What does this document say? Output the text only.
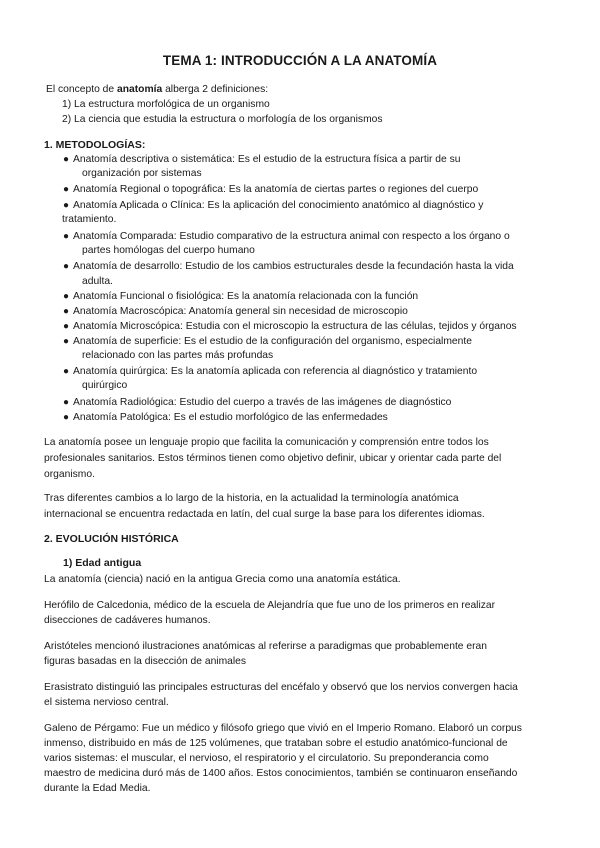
TEMA 1: INTRODUCCIÓN A LA ANATOMÍA
El concepto de anatomía alberga 2 definiciones:
1) La estructura morfológica de un organismo
2) La ciencia que estudia la estructura o morfología de los organismos
1. METODOLOGÍAS:
● Anatomía descriptiva o sistemática: Es el estudio de la estructura física a partir de su
organización por sistemas
● Anatomía Regional o topográfica: Es la anatomía de ciertas partes o regiones del cuerpo
● Anatomía Aplicada o Clínica: Es la aplicación del conocimiento anatómico al diagnóstico y
tratamiento.
● Anatomía Comparada: Estudio comparativo de la estructura animal con respecto a los órgano o
partes homólogas del cuerpo humano
● Anatomía de desarrollo: Estudio de los cambios estructurales desde la fecundación hasta la vida
adulta.
● Anatomía Funcional o fisiológica: Es la anatomía relacionada con la función
● Anatomía Macroscópica: Anatomía general sin necesidad de microscopio
● Anatomía Microscópica: Estudia con el microscopio la estructura de las células, tejidos y órganos
● Anatomía de superficie: Es el estudio de la configuración del organismo, especialmente
relacionado con las partes más profundas
● Anatomía quirúrgica: Es la anatomía aplicada con referencia al diagnóstico y tratamiento
quirúrgico
● Anatomía Radiológica: Estudio del cuerpo a través de las imágenes de diagnóstico
● Anatomía Patológica: Es el estudio morfológico de las enfermedades
La anatomía posee un lenguaje propio que facilita la comunicación y comprensión entre todos los
profesionales sanitarios. Estos términos tienen como objetivo definir, ubicar y orientar cada parte del
organismo.
Tras diferentes cambios a lo largo de la historia, en la actualidad la terminología anatómica
internacional se encuentra redactada en latín, del cual surge la base para los diferentes idiomas.
2. EVOLUCIÓN HISTÓRICA
1) Edad antigua
La anatomía (ciencia) nació en la antigua Grecia como una anatomía estática.
Herófilo de Calcedonia, médico de la escuela de Alejandría que fue uno de los primeros en realizar
disecciones de cadáveres humanos.
Aristóteles mencionó ilustraciones anatómicas al referirse a paradigmas que probablemente eran
figuras basadas en la disección de animales
Erasistrato distinguió las principales estructuras del encéfalo y observó que los nervios convergen hacia
el sistema nervioso central.
Galeno de Pérgamo: Fue un médico y filósofo griego que vivió en el Imperio Romano. Elaboró un corpus
inmenso, distribuido en más de 125 volúmenes, que trataban sobre el estudio anatómico-funcional de
varios sistemas: el muscular, el nervioso, el respiratorio y el circulatorio. Su preponderancia como
maestro de medicina duró más de 1400 años. Estos conocimientos, también se continuaron enseñando
durante la Edad Media.
